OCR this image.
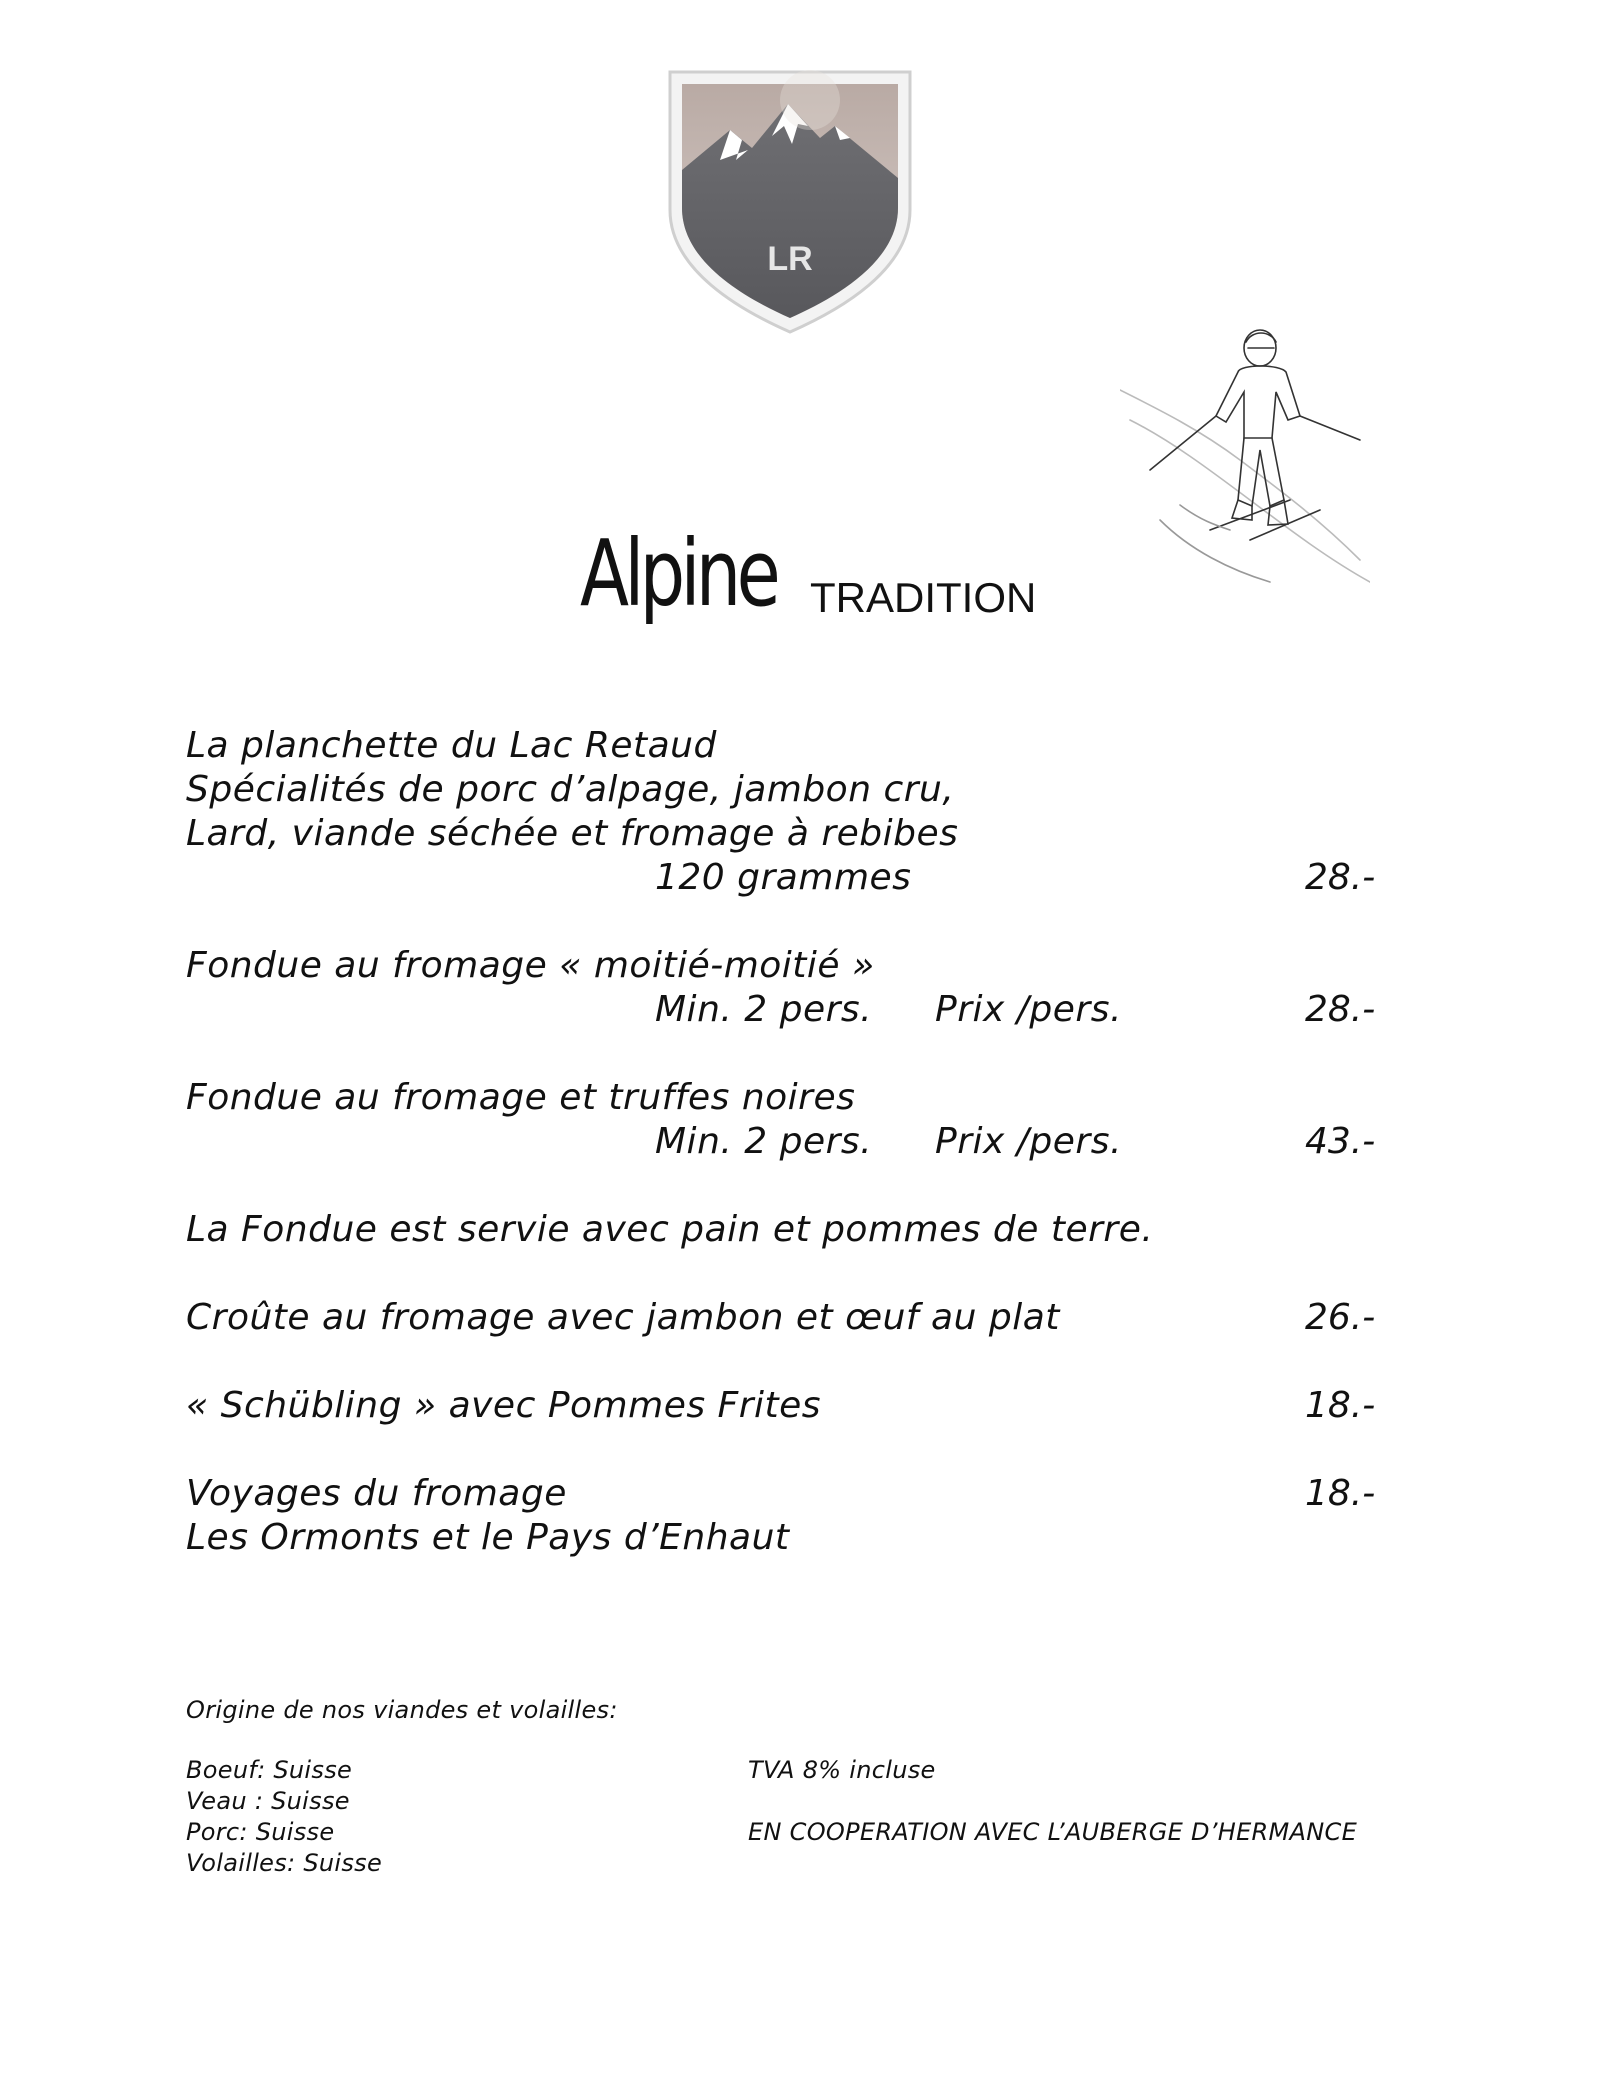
LR
Alpine TRADITION
La planchette du Lac Retaud
Spécialités de porc d’alpage, jambon cru,
Lard, viande séchée et fromage à rebibes
120 grammes	28.-
Fondue au fromage « moitié-moitié »
Min. 2 pers. Prix /pers.	28.-
Fondue au fromage et truffes noires
Min. 2 pers. Prix /pers.	43.-
La Fondue est servie avec pain et pommes de terre.
Croûte au fromage avec jambon et œuf au plat	26.-
« Schübling » avec Pommes Frites	18.-
Voyages du fromage	18.-
Les Ormonts et le Pays d’Enhaut
Origine de nos viandes et volailles:
Boeuf: Suisse
Veau : Suisse
Porc: Suisse
Volailles: Suisse
TVA 8% incluse
EN COOPERATION AVEC L’AUBERGE D’HERMANCE
